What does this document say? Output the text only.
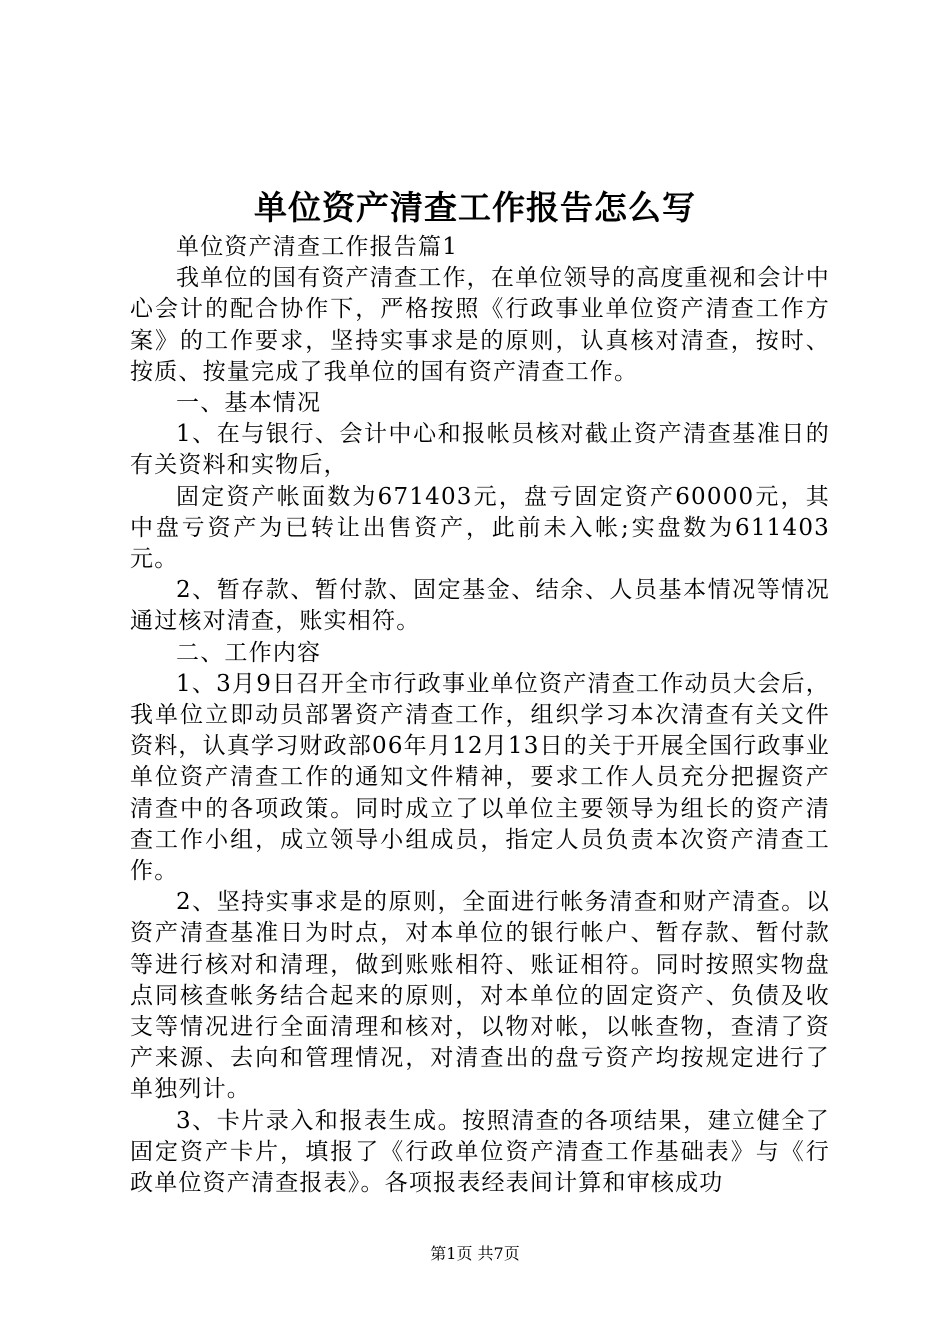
单位资产清查工作报告怎么写

单位资产清查工作报告篇1

我单位的国有资产清查工作，在单位领导的高度重视和会计中心会计的配合协作下，严格按照《行政事业单位资产清查工作方案》的工作要求，坚持实事求是的原则，认真核对清查，按时、按质、按量完成了我单位的国有资产清查工作。

一、基本情况

1、在与银行、会计中心和报帐员核对截止资产清查基准日的有关资料和实物后，

固定资产帐面数为671403元，盘亏固定资产60000元，其中盘亏资产为已转让出售资产，此前未入帐;实盘数为611403元。

2、暂存款、暂付款、固定基金、结余、人员基本情况等情况通过核对清查，账实相符。

二、工作内容

1、3月9日召开全市行政事业单位资产清查工作动员大会后，我单位立即动员部署资产清查工作，组织学习本次清查有关文件资料，认真学习财政部06年月12月13日的关于开展全国行政事业单位资产清查工作的通知文件精神，要求工作人员充分把握资产清查中的各项政策。同时成立了以单位主要领导为组长的资产清查工作小组，成立领导小组成员，指定人员负责本次资产清查工作。

2、坚持实事求是的原则，全面进行帐务清查和财产清查。以资产清查基准日为时点，对本单位的银行帐户、暂存款、暂付款等进行核对和清理，做到账账相符、账证相符。同时按照实物盘点同核查帐务结合起来的原则，对本单位的固定资产、负债及收支等情况进行全面清理和核对，以物对帐，以帐查物，查清了资产来源、去向和管理情况，对清查出的盘亏资产均按规定进行了单独列计。

3、卡片录入和报表生成。按照清查的各项结果，建立健全了固定资产卡片，填报了《行政单位资产清查工作基础表》与《行政单位资产清查报表》。各项报表经表间计算和审核成功

第1页 共7页
